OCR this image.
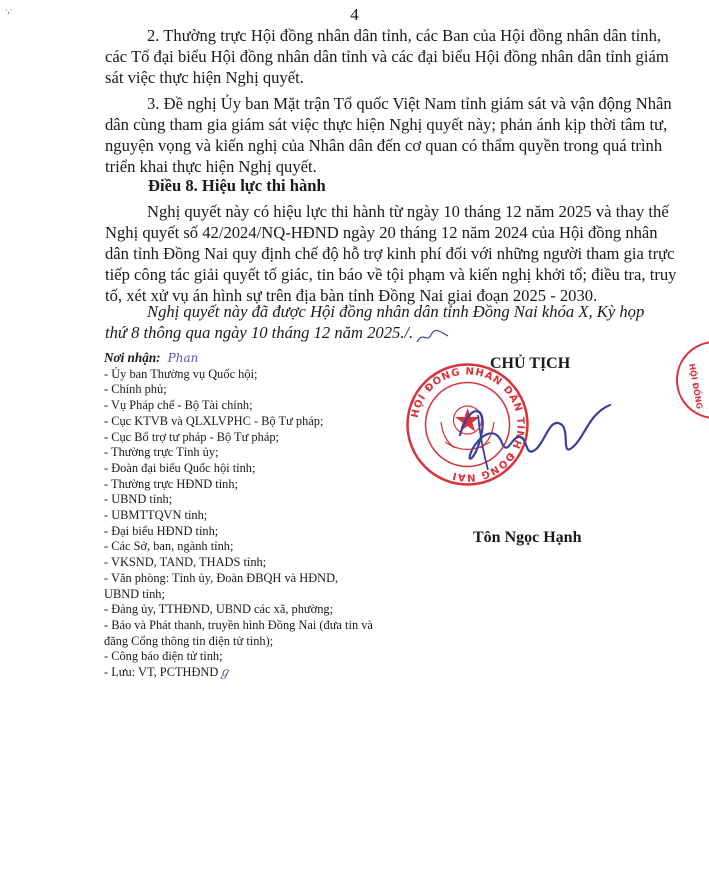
4
·,·
2. Thường trực Hội đồng nhân dân tỉnh, các Ban của Hội đồng nhân dân tỉnh,
các Tổ đại biểu Hội đồng nhân dân tỉnh và các đại biểu Hội đồng nhân dân tỉnh giám
sát việc thực hiện Nghị quyết.
3. Đề nghị Ủy ban Mặt trận Tổ quốc Việt Nam tỉnh giám sát và vận động Nhân
dân cùng tham gia giám sát việc thực hiện Nghị quyết này; phản ánh kịp thời tâm tư,
nguyện vọng và kiến nghị của Nhân dân đến cơ quan có thẩm quyền trong quá trình
triển khai thực hiện Nghị quyết.
Điều 8. Hiệu lực thi hành
Nghị quyết này có hiệu lực thi hành từ ngày 10 tháng 12 năm 2025 và thay thế
Nghị quyết số 42/2024/NQ-HĐND ngày 20 tháng 12 năm 2024 của Hội đồng nhân
dân tỉnh Đồng Nai quy định chế độ hỗ trợ kinh phí đối với những người tham gia trực
tiếp công tác giải quyết tố giác, tin báo về tội phạm và kiến nghị khởi tố; điều tra, truy
tố, xét xử vụ án hình sự trên địa bàn tỉnh Đồng Nai giai đoạn 2025 - 2030.
Nghị quyết này đã được Hội đồng nhân dân tỉnh Đồng Nai khóa X, Kỳ họp
thứ 8 thông qua ngày 10 tháng 12 năm 2025./.
Nơi nhận: Phan
- Ủy ban Thường vụ Quốc hội;
- Chính phủ;
- Vụ Pháp chế - Bộ Tài chính;
- Cục KTVB và QLXLVPHC - Bộ Tư pháp;
- Cục Bổ trợ tư pháp - Bộ Tư pháp;
- Thường trực Tỉnh ủy;
- Đoàn đại biểu Quốc hội tỉnh;
- Thường trực HĐND tỉnh;
- UBND tỉnh;
- UBMTTQVN tỉnh;
- Đại biểu HĐND tỉnh;
- Các Sở, ban, ngành tỉnh;
- VKSND, TAND, THADS tỉnh;
- Văn phòng: Tỉnh ủy, Đoàn ĐBQH và HĐND,
UBND tỉnh;
- Đảng ủy, TTHĐND, UBND các xã, phường;
- Báo và Phát thanh, truyền hình Đồng Nai (đưa tin và
đăng Cổng thông tin điện tử tỉnh);
- Công báo điện tử tỉnh;
- Lưu: VT, PCTHĐNDℊ
CHỦ TỊCH
HỘI ĐỒNG NHÂN DÂN TỈNH ĐỒNG NAI
HỘI ĐỒNG
Tôn Ngọc Hạnh
